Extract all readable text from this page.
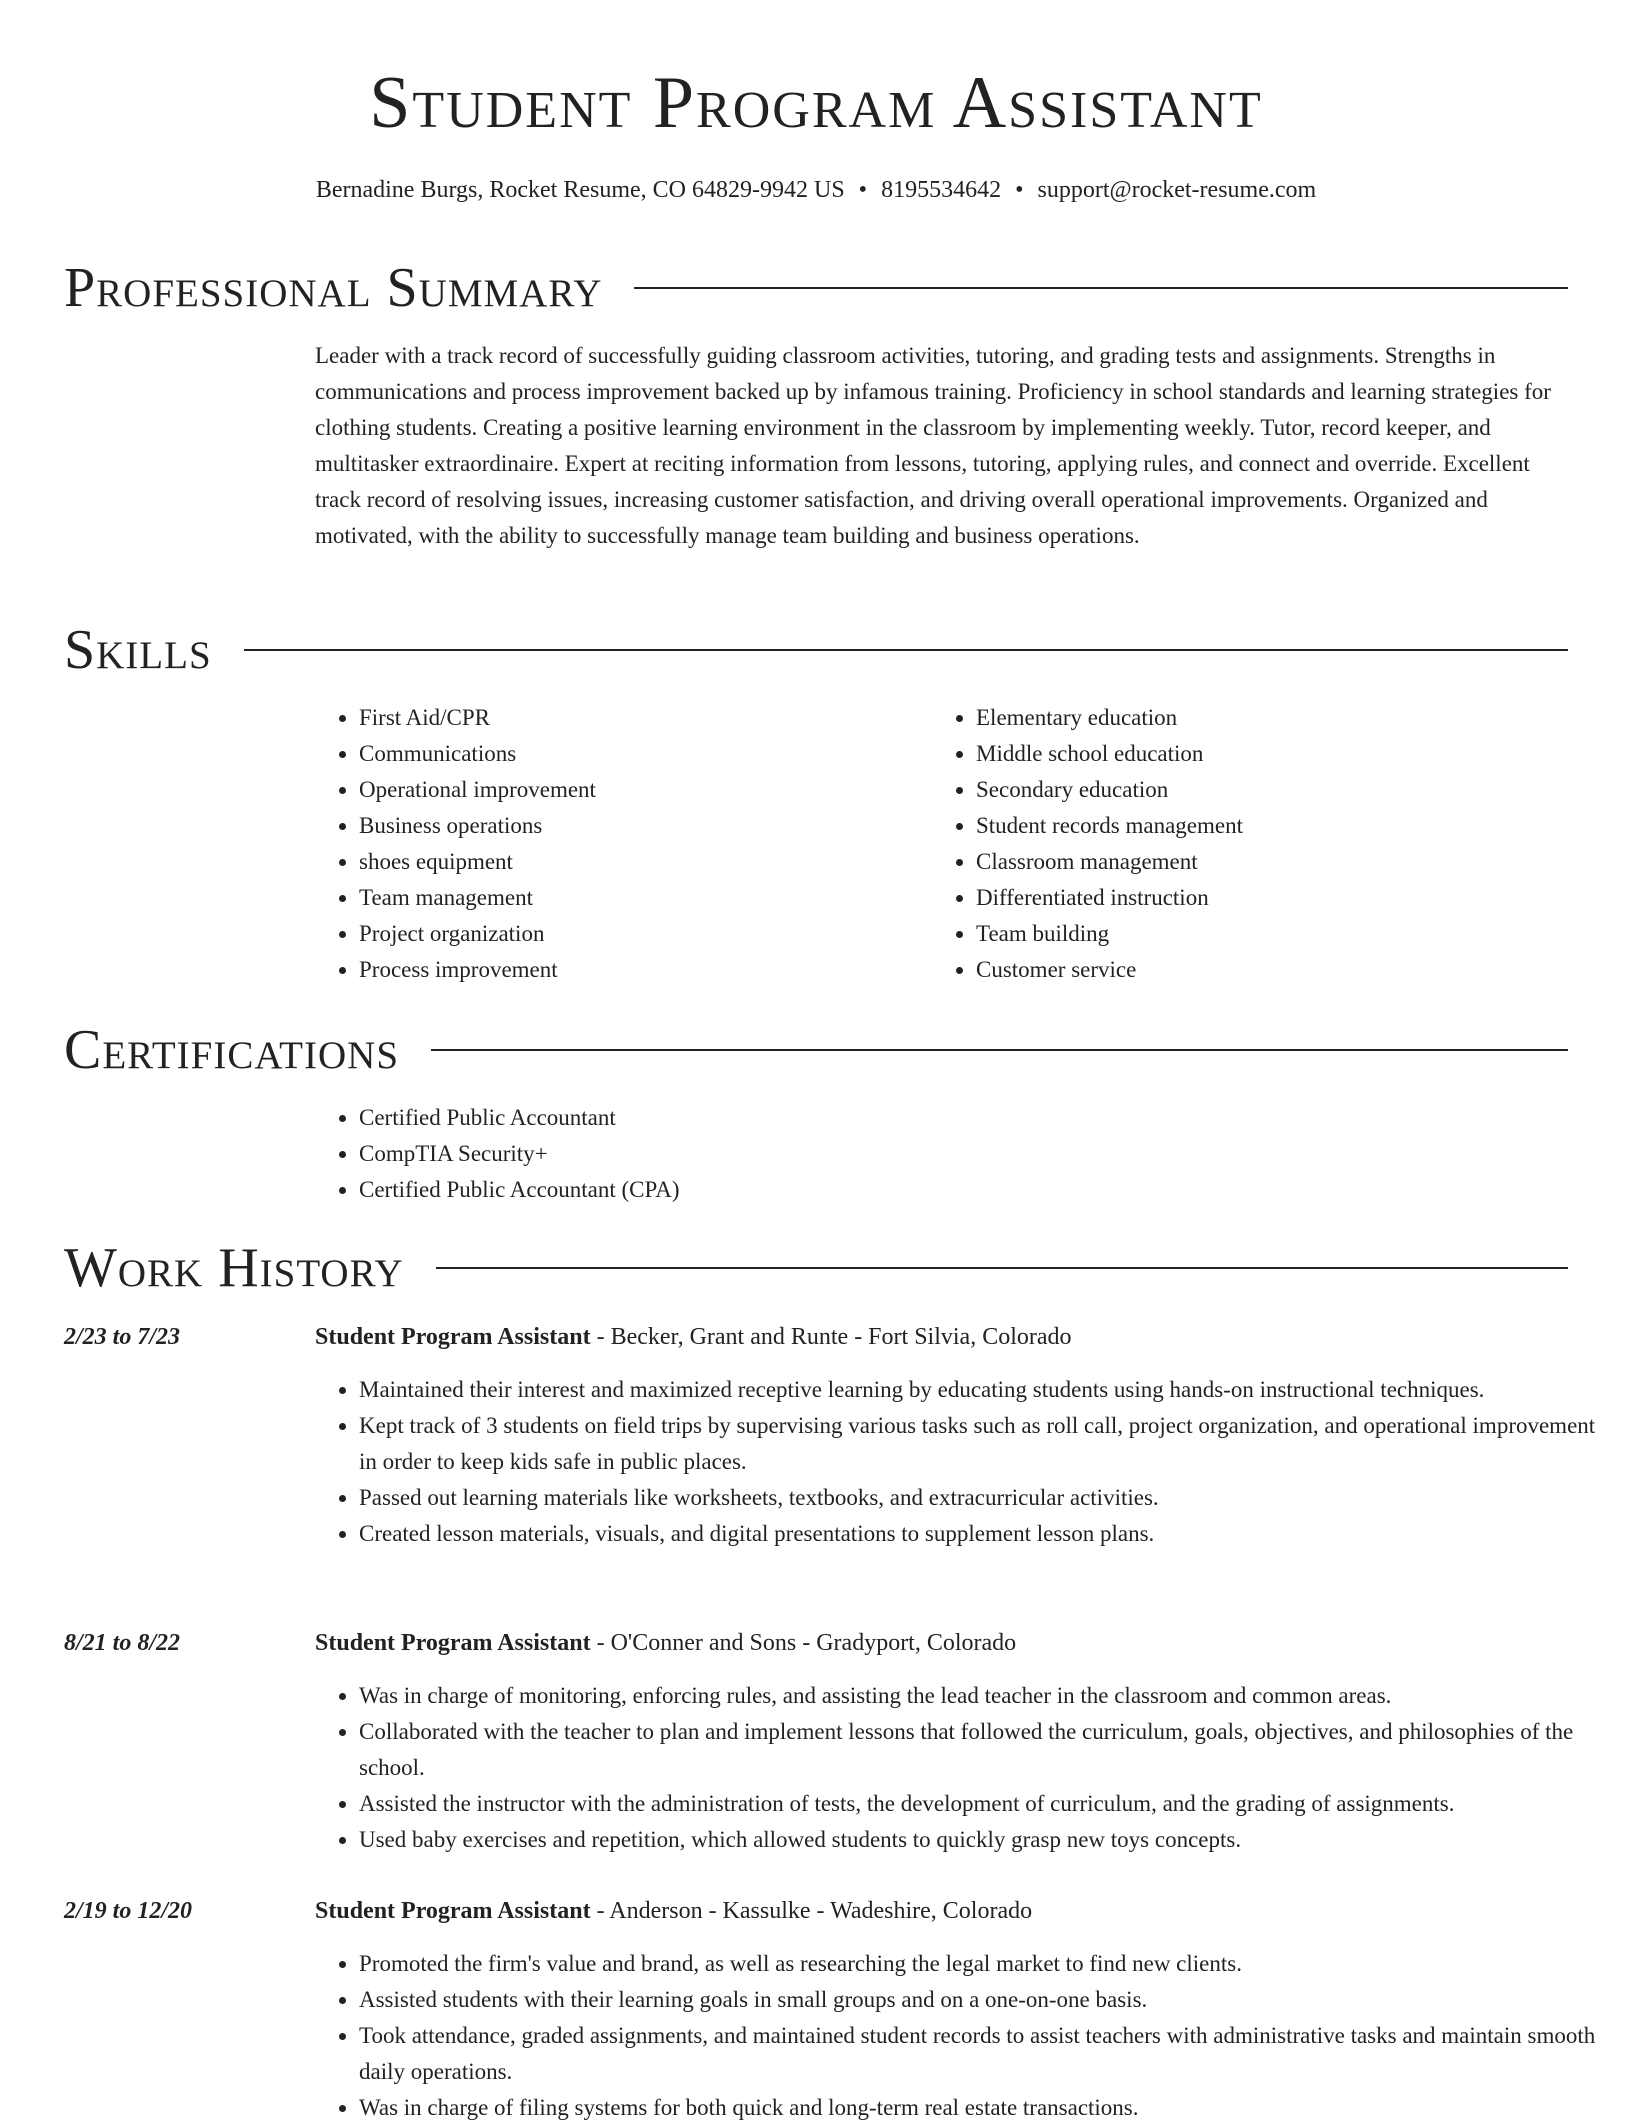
Student Program Assistant
Bernadine Burgs, Rocket Resume, CO 64829-9942 US • 8195534642 • support@rocket-resume.com
Professional Summary

Leader with a track record of successfully guiding classroom activities, tutoring, and grading tests and assignments. Strengths in communications and process improvement backed up by infamous training. Proficiency in school standards and learning strategies for clothing students. Creating a positive learning environment in the classroom by implementing weekly. Tutor, record keeper, and multitasker extraordinaire. Expert at reciting information from lessons, tutoring, applying rules, and connect and override. Excellent track record of resolving issues, increasing customer satisfaction, and driving overall operational improvements. Organized and motivated, with the ability to successfully manage team building and business operations.

Skills
• First Aid/CPR
• Communications
• Operational improvement
• Business operations
• shoes equipment
• Team management
• Project organization
• Process improvement
• Elementary education
• Middle school education
• Secondary education
• Student records management
• Classroom management
• Differentiated instruction
• Team building
• Customer service
Certifications
• Certified Public Accountant
• CompTIA Security+
• Certified Public Accountant (CPA)
Work History
2/23 to 7/23	Student Program Assistant - Becker, Grant and Runte - Fort Silvia, Colorado
• Maintained their interest and maximized receptive learning by educating students using hands-on instructional techniques.
• Kept track of 3 students on field trips by supervising various tasks such as roll call, project organization, and operational improvement in order to keep kids safe in public places.
• Passed out learning materials like worksheets, textbooks, and extracurricular activities.
• Created lesson materials, visuals, and digital presentations to supplement lesson plans.
8/21 to 8/22	Student Program Assistant - O'Conner and Sons - Gradyport, Colorado
• Was in charge of monitoring, enforcing rules, and assisting the lead teacher in the classroom and common areas.
• Collaborated with the teacher to plan and implement lessons that followed the curriculum, goals, objectives, and philosophies of the school.
• Assisted the instructor with the administration of tests, the development of curriculum, and the grading of assignments.
• Used baby exercises and repetition, which allowed students to quickly grasp new toys concepts.
2/19 to 12/20	Student Program Assistant - Anderson - Kassulke - Wadeshire, Colorado
• Promoted the firm's value and brand, as well as researching the legal market to find new clients.
• Assisted students with their learning goals in small groups and on a one-on-one basis.
• Took attendance, graded assignments, and maintained student records to assist teachers with administrative tasks and maintain smooth daily operations.
• Was in charge of filing systems for both quick and long-term real estate transactions.
